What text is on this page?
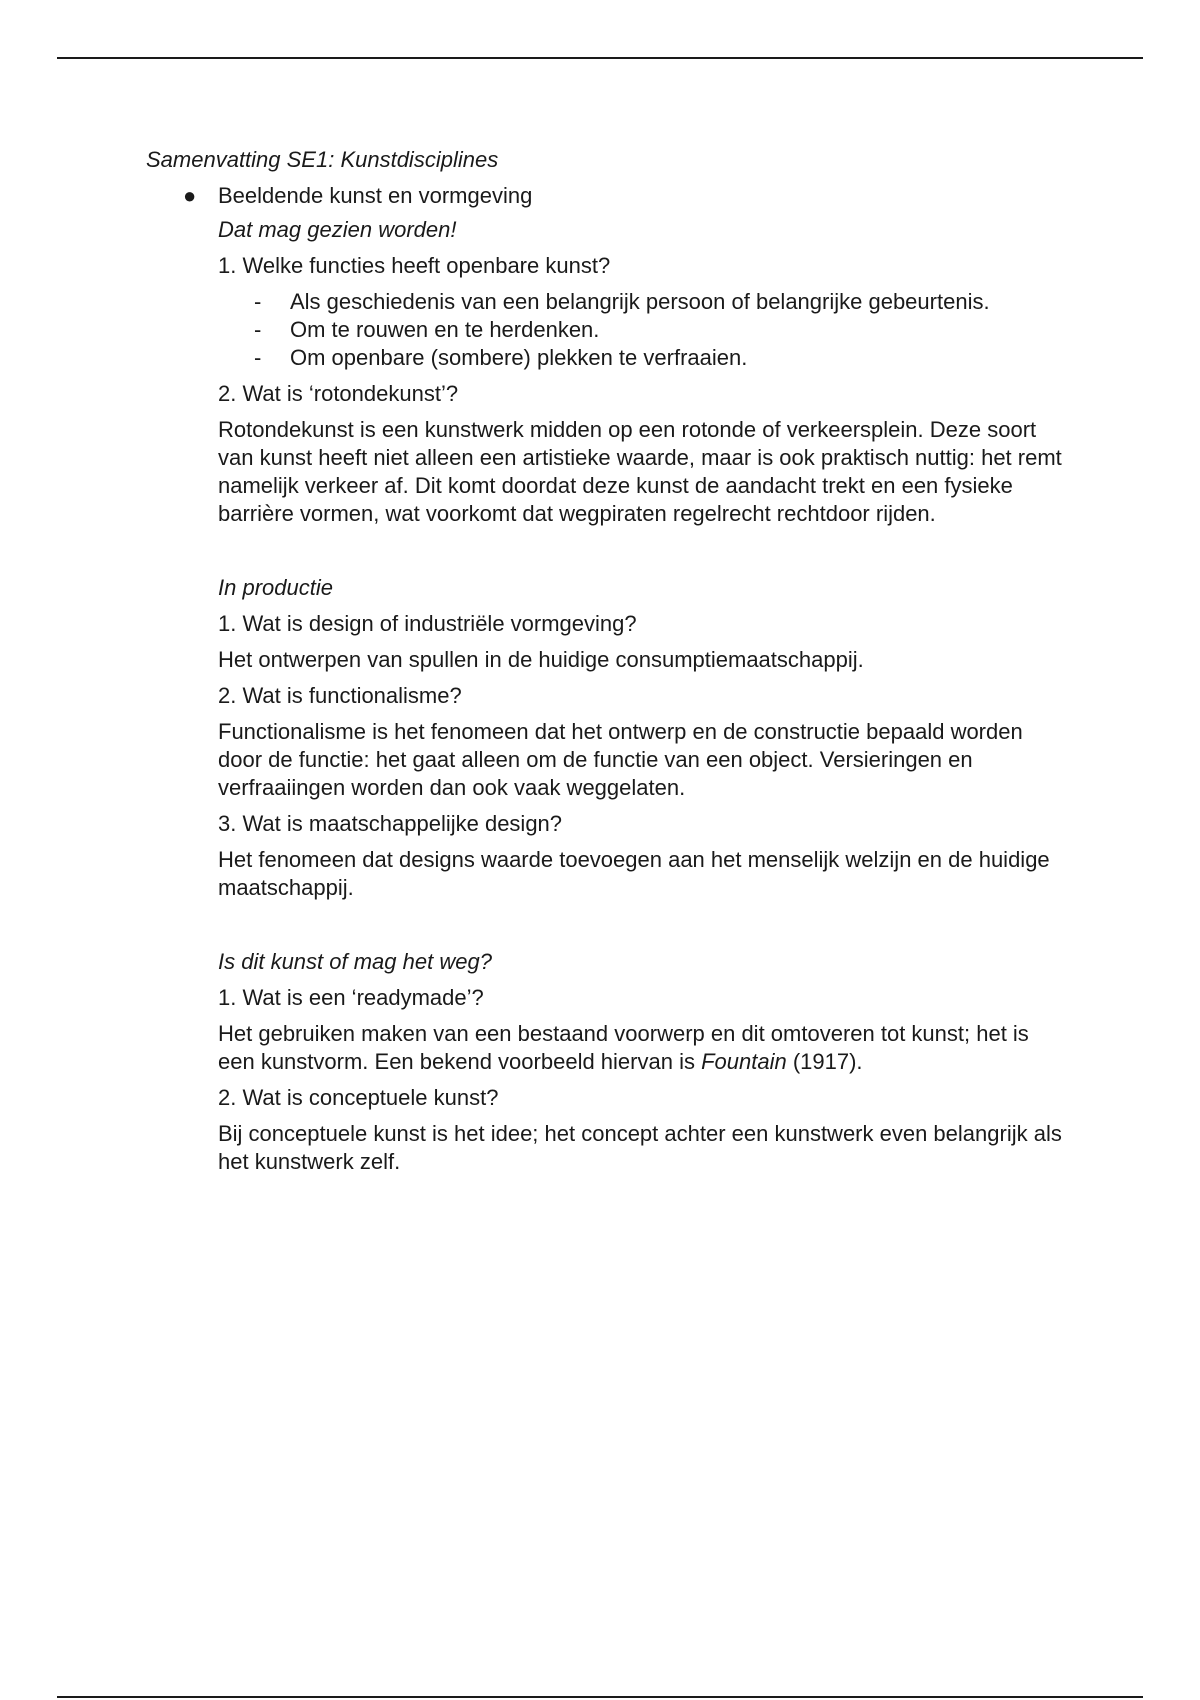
Samenvatting SE1: Kunstdisciplines

● Beeldende kunst en vormgeving

Dat mag gezien worden!

1. Welke functies heeft openbare kunst?

- Als geschiedenis van een belangrijk persoon of belangrijke gebeurtenis.
- Om te rouwen en te herdenken.
- Om openbare (sombere) plekken te verfraaien.

2. Wat is ‘rotondekunst’?

Rotondekunst is een kunstwerk midden op een rotonde of verkeersplein. Deze soort van kunst heeft niet alleen een artistieke waarde, maar is ook praktisch nuttig: het remt namelijk verkeer af. Dit komt doordat deze kunst de aandacht trekt en een fysieke barrière vormen, wat voorkomt dat wegpiraten regelrecht rechtdoor rijden.

In productie

1. Wat is design of industriële vormgeving?

Het ontwerpen van spullen in de huidige consumptiemaatschappij.

2. Wat is functionalisme?

Functionalisme is het fenomeen dat het ontwerp en de constructie bepaald worden door de functie: het gaat alleen om de functie van een object. Versieringen en verfraaiingen worden dan ook vaak weggelaten.

3. Wat is maatschappelijke design?

Het fenomeen dat designs waarde toevoegen aan het menselijk welzijn en de huidige maatschappij.

Is dit kunst of mag het weg?

1. Wat is een ‘readymade’?

Het gebruiken maken van een bestaand voorwerp en dit omtoveren tot kunst; het is een kunstvorm. Een bekend voorbeeld hiervan is Fountain (1917).

2. Wat is conceptuele kunst?

Bij conceptuele kunst is het idee; het concept achter een kunstwerk even belangrijk als het kunstwerk zelf.
